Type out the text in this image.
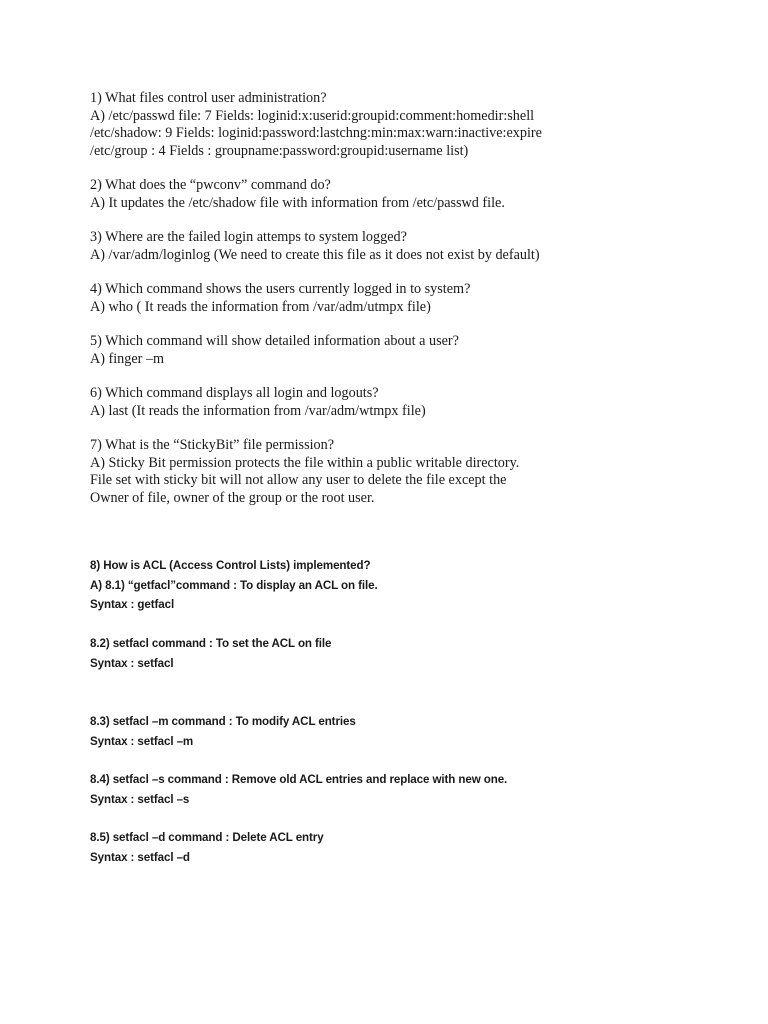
1) What files control user administration?
A) /etc/passwd file: 7 Fields: loginid:x:userid:groupid:comment:homedir:shell
/etc/shadow: 9 Fields: loginid:password:lastchng:min:max:warn:inactive:expire
/etc/group : 4 Fields : groupname:password:groupid:username list)
2) What does the “pwconv” command do?
A) It updates the /etc/shadow file with information from /etc/passwd file.
3) Where are the failed login attemps to system logged?
A) /var/adm/loginlog (We need to create this file as it does not exist by default)
4) Which command shows the users currently logged in to system?
A) who ( It reads the information from /var/adm/utmpx file)
5) Which command will show detailed information about a user?
A) finger –m
6) Which command displays all login and logouts?
A) last (It reads the information from /var/adm/wtmpx file)
7) What is the “StickyBit” file permission?
A) Sticky Bit permission protects the file within a public writable directory.
File set with sticky bit will not allow any user to delete the file except the
Owner of file, owner of the group or the root user.
8) How is ACL (Access Control Lists) implemented?
A) 8.1) “getfacl”command : To display an ACL on file.
Syntax : getfacl
8.2) setfacl command : To set the ACL on file
Syntax : setfacl
8.3) setfacl –m command : To modify ACL entries
Syntax : setfacl –m
8.4) setfacl –s command : Remove old ACL entries and replace with new one.
Syntax : setfacl –s
8.5) setfacl –d command : Delete ACL entry
Syntax : setfacl –d
